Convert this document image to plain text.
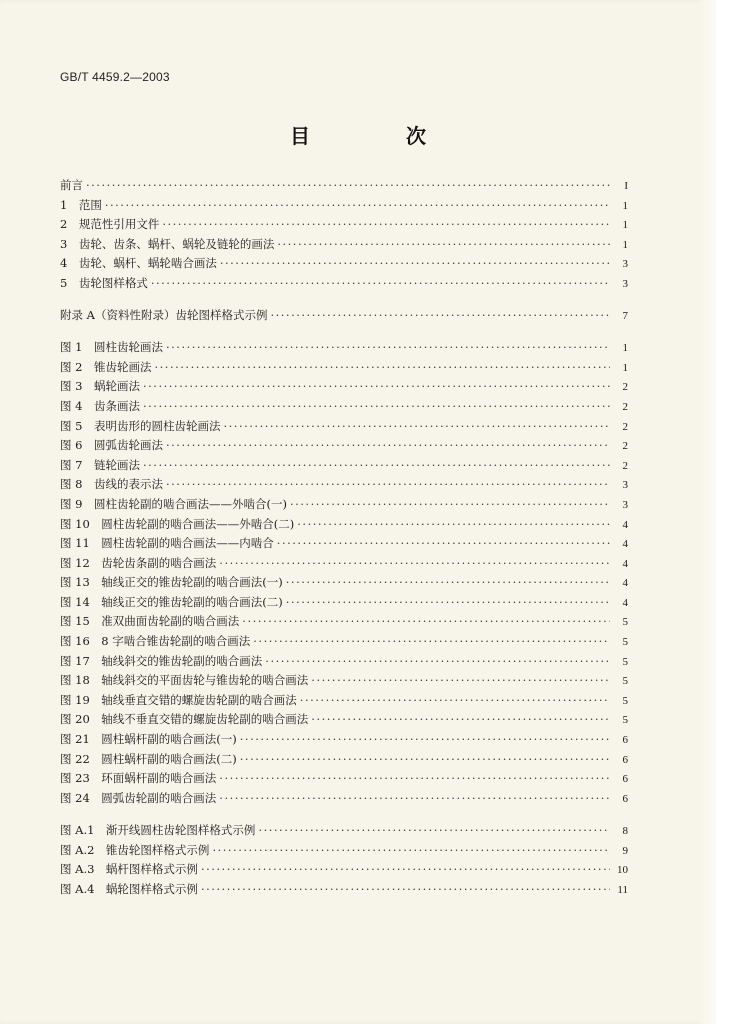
GB/T 4459.2—2003
目　次
前言 ·····	I
1　范围 ·····	1
2　规范性引用文件 ·····	1
3　齿轮、齿条、蜗杆、蜗轮及链轮的画法 ·····	1
4　齿轮、蜗杆、蜗轮啮合画法 ·····	3
5　齿轮图样格式 ·····	3
附录 A（资料性附录）齿轮图样格式示例 ·····	7
图 1　圆柱齿轮画法 ·····	1
图 2　锥齿轮画法 ·····	1
图 3　蜗轮画法 ·····	2
图 4　齿条画法 ·····	2
图 5　表明齿形的圆柱齿轮画法 ·····	2
图 6　圆弧齿轮画法 ·····	2
图 7　链轮画法 ·····	2
图 8　齿线的表示法 ·····	3
图 9　圆柱齿轮副的啮合画法——外啮合(一) ·····	3
图 10　圆柱齿轮副的啮合画法——外啮合(二) ·····	4
图 11　圆柱齿轮副的啮合画法——内啮合 ·····	4
图 12　齿轮齿条副的啮合画法 ·····	4
图 13　轴线正交的锥齿轮副的啮合画法(一) ·····	4
图 14　轴线正交的锥齿轮副的啮合画法(二) ·····	4
图 15　准双曲面齿轮副的啮合画法 ·····	5
图 16　8 字啮合锥齿轮副的啮合画法 ·····	5
图 17　轴线斜交的锥齿轮副的啮合画法 ·····	5
图 18　轴线斜交的平面齿轮与锥齿轮的啮合画法 ·····	5
图 19　轴线垂直交错的螺旋齿轮副的啮合画法 ·····	5
图 20　轴线不垂直交错的螺旋齿轮副的啮合画法 ·····	5
图 21　圆柱蜗杆副的啮合画法(一) ·····	6
图 22　圆柱蜗杆副的啮合画法(二) ·····	6
图 23　环面蜗杆副的啮合画法 ·····	6
图 24　圆弧齿轮副的啮合画法 ·····	6
图 A.1　渐开线圆柱齿轮图样格式示例 ·····	8
图 A.2　锥齿轮图样格式示例 ·····	9
图 A.3　蜗杆图样格式示例 ·····	10
图 A.4　蜗轮图样格式示例 ·····	11
